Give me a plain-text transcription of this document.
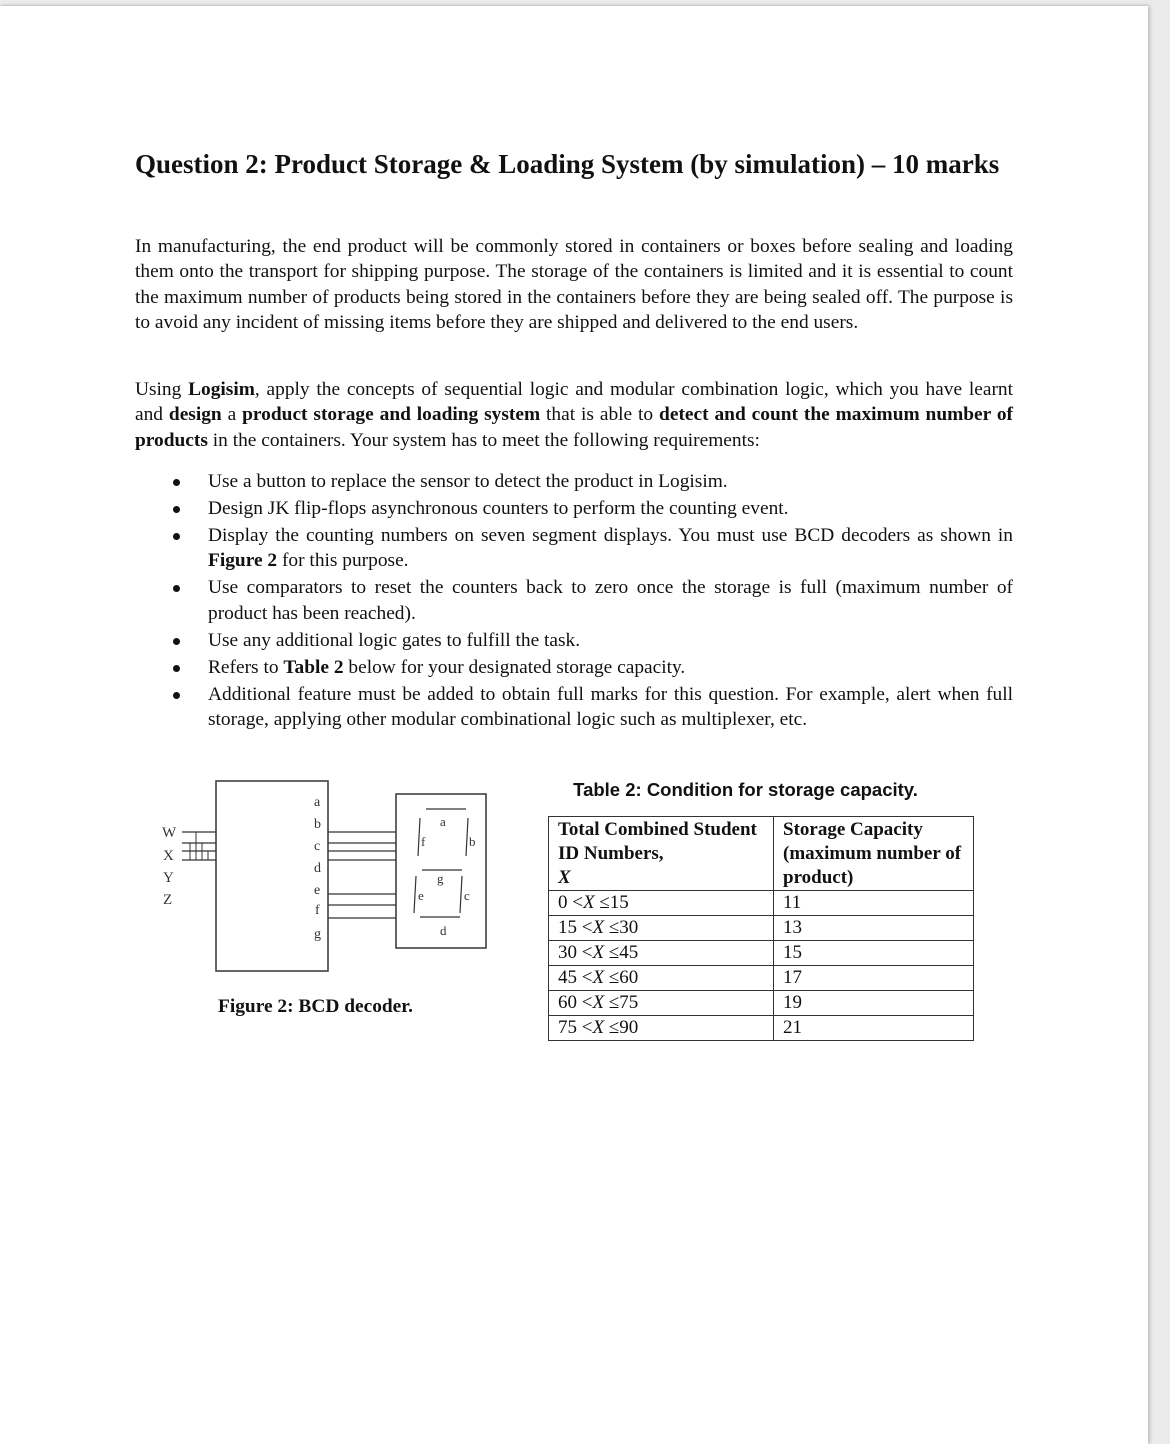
Question 2: Product Storage & Loading System (by simulation) – 10 marks

In manufacturing, the end product will be commonly stored in containers or boxes before sealing and loading them onto the transport for shipping purpose. The storage of the containers is limited and it is essential to count the maximum number of products being stored in the containers before they are being sealed off. The purpose is to avoid any incident of missing items before they are shipped and delivered to the end users.

Using Logisim, apply the concepts of sequential logic and modular combination logic, which you have learnt and design a product storage and loading system that is able to detect and count the maximum number of products in the containers. Your system has to meet the following requirements:

Use a button to replace the sensor to detect the product in Logisim.
Design JK flip-flops asynchronous counters to perform the counting event.
Display the counting numbers on seven segment displays. You must use BCD decoders as shown in Figure 2 for this purpose.
Use comparators to reset the counters back to zero once the storage is full (maximum number of product has been reached).
Use any additional logic gates to fulfill the task.
Refers to Table 2 below for your designated storage capacity.
Additional feature must be added to obtain full marks for this question. For example, alert when full storage, applying other modular combinational logic such as multiplexer, etc.
W
X
Y
Z
a
b
c
d
e
f
g
a
b
c
d
e
f
g
Figure 2: BCD decoder.
Table 2: Condition for storage capacity.
Total Combined Student ID Numbers,
X	Storage Capacity (maximum number of product)
0 <X ≤15	11
15 <X ≤30	13
30 <X ≤45	15
45 <X ≤60	17
60 <X ≤75	19
75 <X ≤90	21
